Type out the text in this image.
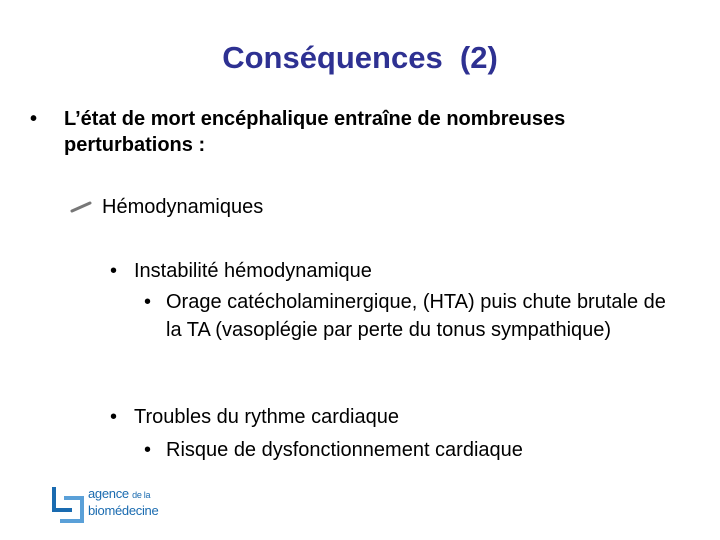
Conséquences  (2)
• L’état de mort encéphalique entraîne de nombreuses perturbations :
Hémodynamiques
• Instabilité hémodynamique
• Orage catécholaminergique, (HTA) puis chute brutale de la TA (vasoplégie par perte du tonus sympathique)
• Troubles du rythme cardiaque
• Risque de dysfonctionnement cardiaque
agence de la
biomédecine
